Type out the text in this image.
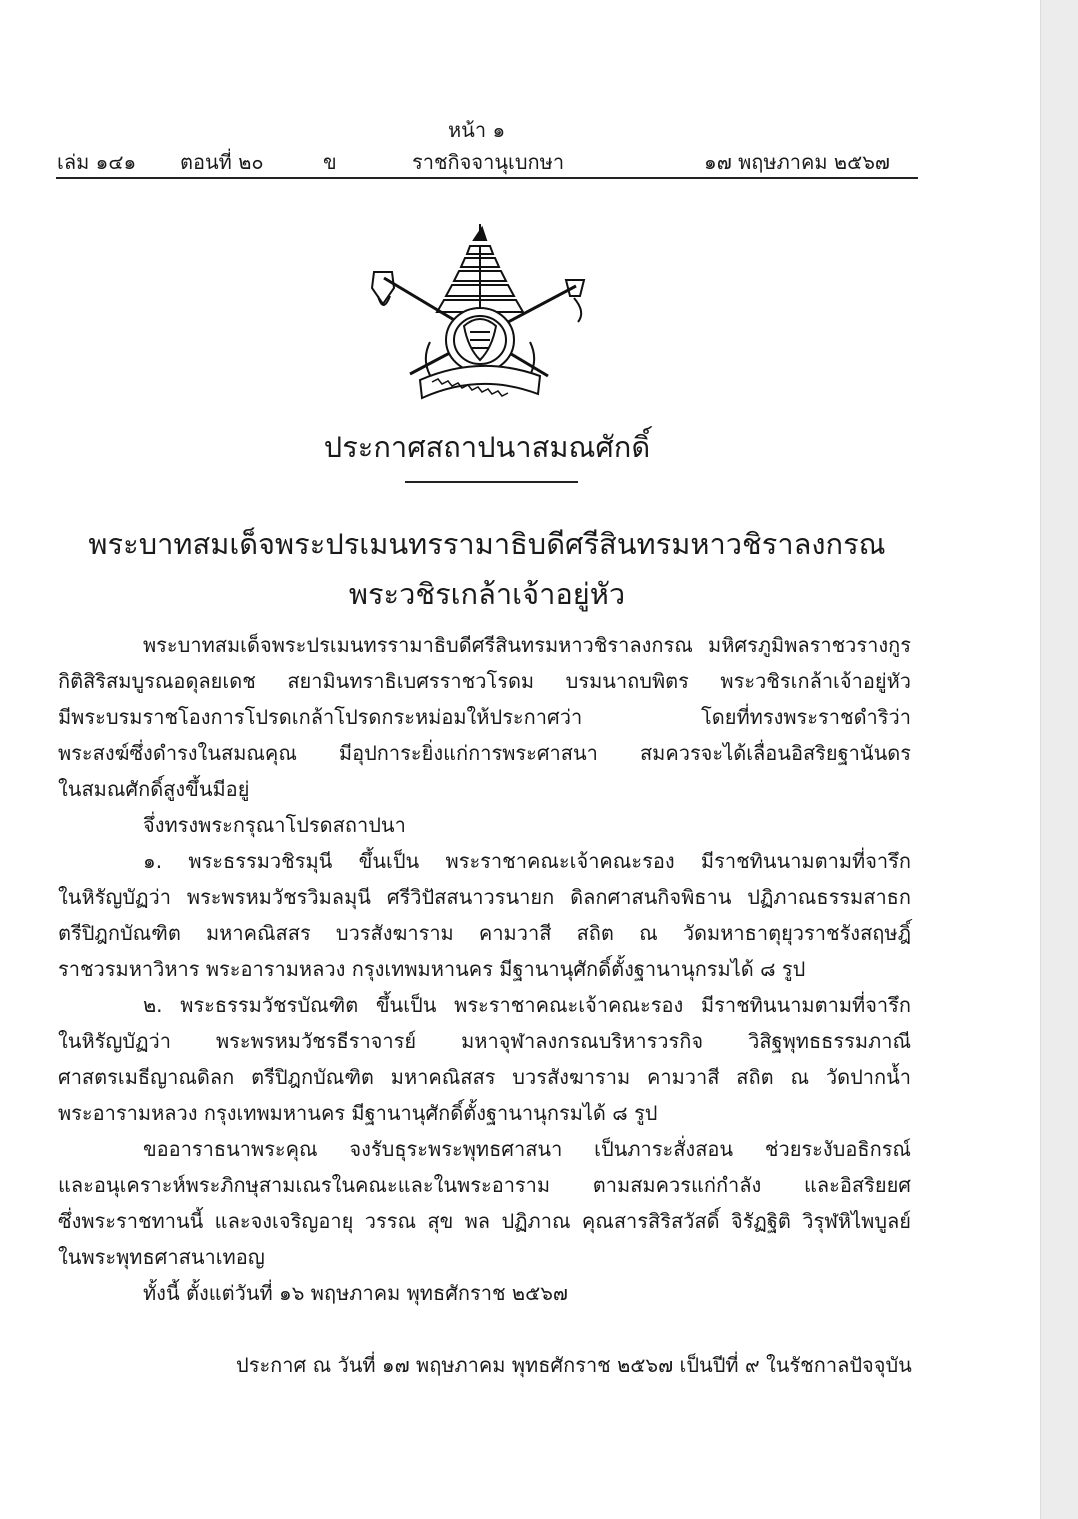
หน้า ๑
เล่ม ๑๔๑ ตอนที่ ๒๐	ข	ราชกิจจานุเบกษา	๑๗ พฤษภาคม ๒๕๖๗
ประกาศสถาปนาสมณศักดิ์
พระบาทสมเด็จพระปรเมนทรรามาธิบดีศรีสินทรมหาวชิราลงกรณ
พระวชิรเกล้าเจ้าอยู่หัว
พระบาทสมเด็จพระปรเมนทรรามาธิบดีศรีสินทรมหาวชิราลงกรณ มหิศรภูมิพลราชวรางกูร
กิติสิริสมบูรณอดุลยเดช สยามินทราธิเบศรราชวโรดม บรมนาถบพิตร พระวชิรเกล้าเจ้าอยู่หัว
มีพระบรมราชโองการโปรดเกล้าโปรดกระหม่อมให้ประกาศว่า โดยที่ทรงพระราชดำริว่า
พระสงฆ์ซึ่งดำรงในสมณคุณ มีอุปการะยิ่งแก่การพระศาสนา สมควรจะได้เลื่อนอิสริยฐานันดร
ในสมณศักดิ์สูงขึ้นมีอยู่
จึ่งทรงพระกรุณาโปรดสถาปนา
๑. พระธรรมวชิรมุนี ขึ้นเป็น พระราชาคณะเจ้าคณะรอง มีราชทินนามตามที่จารึก
ในหิรัญบัฏว่า พระพรหมวัชรวิมลมุนี ศรีวิปัสสนาวรนายก ดิลกศาสนกิจพิธาน ปฏิภาณธรรมสาธก
ตรีปิฎกบัณฑิต มหาคณิสสร บวรสังฆาราม คามวาสี สถิต ณ วัดมหาธาตุยุวราชรังสฤษฎิ์
ราชวรมหาวิหาร พระอารามหลวง กรุงเทพมหานคร มีฐานานุศักดิ์ตั้งฐานานุกรมได้ ๘ รูป
๒. พระธรรมวัชรบัณฑิต ขึ้นเป็น พระราชาคณะเจ้าคณะรอง มีราชทินนามตามที่จารึก
ในหิรัญบัฏว่า พระพรหมวัชรธีราจารย์ มหาจุฬาลงกรณบริหารวรกิจ วิสิฐพุทธธรรมภาณี
ศาสตรเมธีญาณดิลก ตรีปิฎกบัณฑิต มหาคณิสสร บวรสังฆาราม คามวาสี สถิต ณ วัดปากน้ำ
พระอารามหลวง กรุงเทพมหานคร มีฐานานุศักดิ์ตั้งฐานานุกรมได้ ๘ รูป
ขออาราธนาพระคุณ จงรับธุระพระพุทธศาสนา เป็นภาระสั่งสอน ช่วยระงับอธิกรณ์
และอนุเคราะห์พระภิกษุสามเณรในคณะและในพระอาราม ตามสมควรแก่กำลัง และอิสริยยศ
ซึ่งพระราชทานนี้ และจงเจริญอายุ วรรณ สุข พล ปฏิภาณ คุณสารสิริสวัสดิ์ จิรัฏฐิติ วิรุฬหิไพบูลย์
ในพระพุทธศาสนาเทอญ
ทั้งนี้ ตั้งแต่วันที่ ๑๖ พฤษภาคม พุทธศักราช ๒๕๖๗
ประกาศ ณ วันที่ ๑๗ พฤษภาคม พุทธศักราช ๒๕๖๗ เป็นปีที่ ๙ ในรัชกาลปัจจุบัน
